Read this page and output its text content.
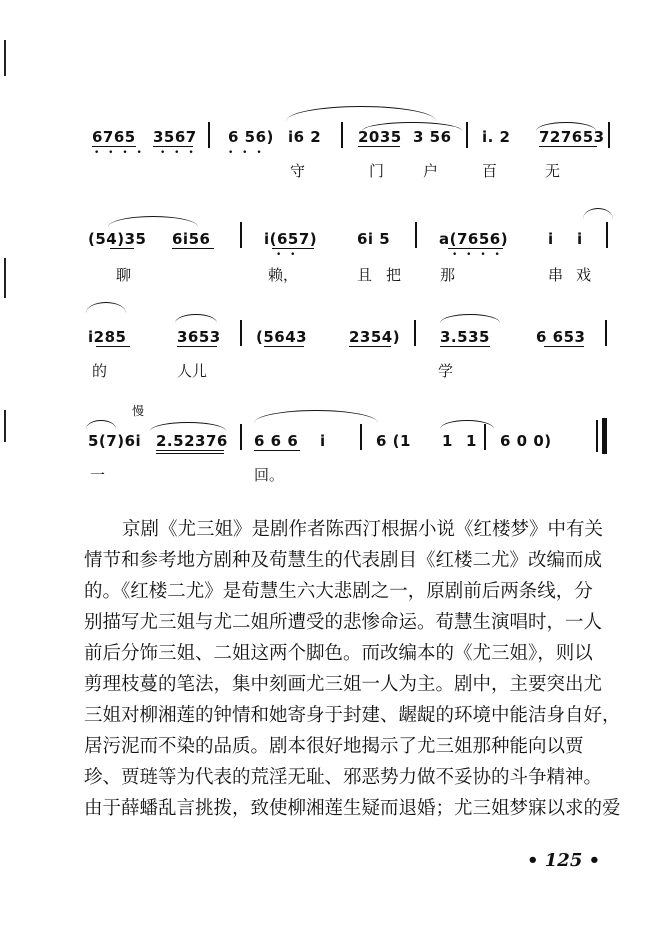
6765 3567 6 56) i6 2 2035 3 56 i. 2 727653
• • • • • • •	• • •
守	门	户	百	无
(54)35 6i56	i(657)	6i 5	a(7656)	i i
• •	• • • •
聊	赖，	且 把	那	串 戏
i285	3653 (5643	2354)	3.535	6 653
的	人儿	学
慢
5(7)6i 2.52376 6 6 6 i	6 (1 1 1 6 0 0)
一	回。
京剧《尤三姐》是剧作者陈西汀根据小说《红楼梦》中有关
情节和参考地方剧种及荀慧生的代表剧目《红楼二尤》改编而成
的。《红楼二尤》是荀慧生六大悲剧之一，原剧前后两条线，分
别描写尤三姐与尤二姐所遭受的悲惨命运。荀慧生演唱时，一人
前后分饰三姐、二姐这两个脚色。而改编本的《尤三姐》，则以
剪理枝蔓的笔法，集中刻画尤三姐一人为主。剧中，主要突出尤
三姐对柳湘莲的钟情和她寄身于封建、龌龊的环境中能洁身自好，
居污泥而不染的品质。剧本很好地揭示了尤三姐那种能向以贾
珍、贾琏等为代表的荒淫无耻、邪恶势力做不妥协的斗争精神。
由于薛蟠乱言挑拨，致使柳湘莲生疑而退婚；尤三姐梦寐以求的爱
• 125 •
